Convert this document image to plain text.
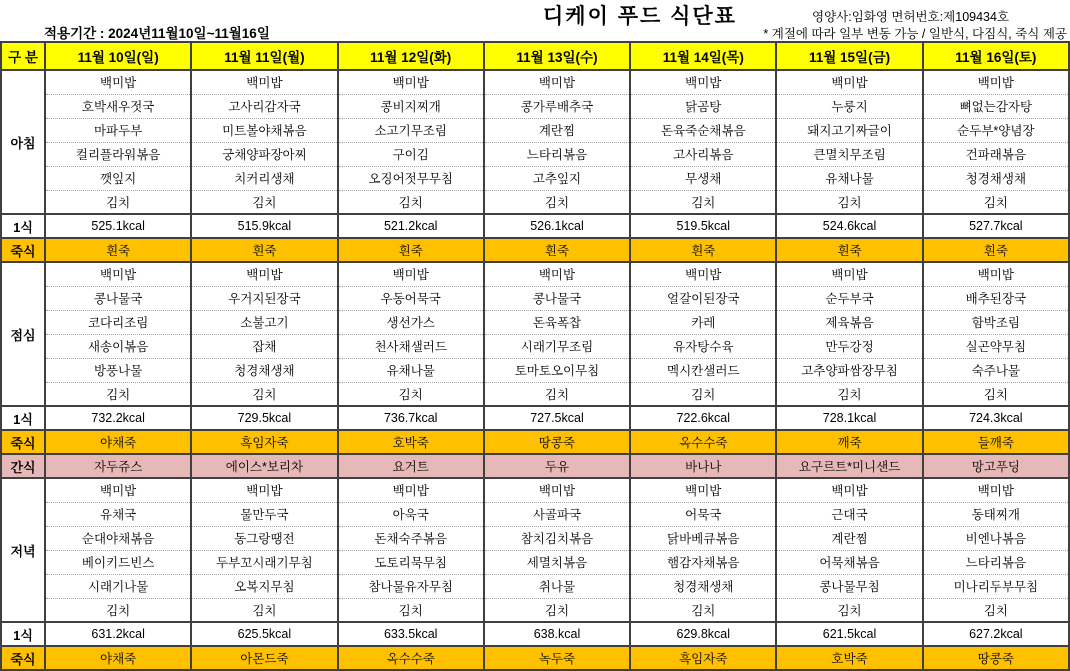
적용기간 : 2024년11월10일~11월16일
디케이 푸드 식단표	영양사:임화영 면허번호:제109434호
* 계절에 따라 일부 변동 가능 / 일반식, 다짐식, 죽식 제공
구 분	11월 10일(일)	11월 11일(월)	11월 12일(화)	11월 13일(수)	11월 14일(목)	11월 15일(금)	11월 16일(토)
아침	백미밥	백미밥	백미밥	백미밥	백미밥	백미밥	백미밥
	호박새우젓국	고사리감자국	콩비지찌개	콩가루배추국	닭곰탕	누룽지	뼈없는감자탕
	마파두부	미트볼야채볶음	소고기무조림	계란찜	돈육죽순채볶음	돼지고기짜글이	순두부*양념장
	컬리플라워볶음	궁채양파장아찌	구이김	느타리볶음	고사리볶음	큰멸치무조림	건파래볶음
	깻잎지	치커리생채	오징어젓무무침	고추잎지	무생채	유채나물	청경채생채
	김치	김치	김치	김치	김치	김치	김치
1식	525.1kcal	515.9kcal	521.2kcal	526.1kcal	519.5kcal	524.6kcal	527.7kcal
죽식	흰죽	흰죽	흰죽	흰죽	흰죽	흰죽	흰죽
점심	백미밥	백미밥	백미밥	백미밥	백미밥	백미밥	백미밥
	콩나물국	우거지된장국	우동어묵국	콩나물국	얼갈이된장국	순두부국	배추된장국
	코다리조림	소불고기	생선가스	돈육폭찹	카레	제육볶음	함박조림
	새송이볶음	잡채	천사채샐러드	시래기무조림	유자탕수육	만두강정	실곤약무침
	방풍나물	청경채생채	유채나물	토마토오이무침	멕시칸샐러드	고추양파쌈장무침	숙주나물
	김치	김치	김치	김치	김치	김치	김치
1식	732.2kcal	729.5kcal	736.7kcal	727.5kcal	722.6kcal	728.1kcal	724.3kcal
죽식	야채죽	흑임자죽	호박죽	땅콩죽	옥수수죽	깨죽	들깨죽
간식	자두쥬스	에이스*보리차	요거트	두유	바나나	요구르트*미니샌드	망고푸딩
저녁	백미밥	백미밥	백미밥	백미밥	백미밥	백미밥	백미밥
	유채국	물만두국	아욱국	사골파국	어묵국	근대국	동태찌개
	순대야채볶음	동그랑땡전	돈채숙주볶음	참치김치볶음	닭바베큐볶음	계란찜	비엔나볶음
	베이키드빈스	두부꼬시래기무침	도토리묵무침	세멸치볶음	햄감자채볶음	어묵채볶음	느타리볶음
	시래기나물	오복지무침	참나물유자무침	취나물	청경채생채	콩나물무침	미나리두부무침
	김치	김치	김치	김치	김치	김치	김치
1식	631.2kcal	625.5kcal	633.5kcal	638.kcal	629.8kcal	621.5kcal	627.2kcal
죽식	야채죽	아몬드죽	옥수수죽	녹두죽	흑임자죽	호박죽	땅콩죽
